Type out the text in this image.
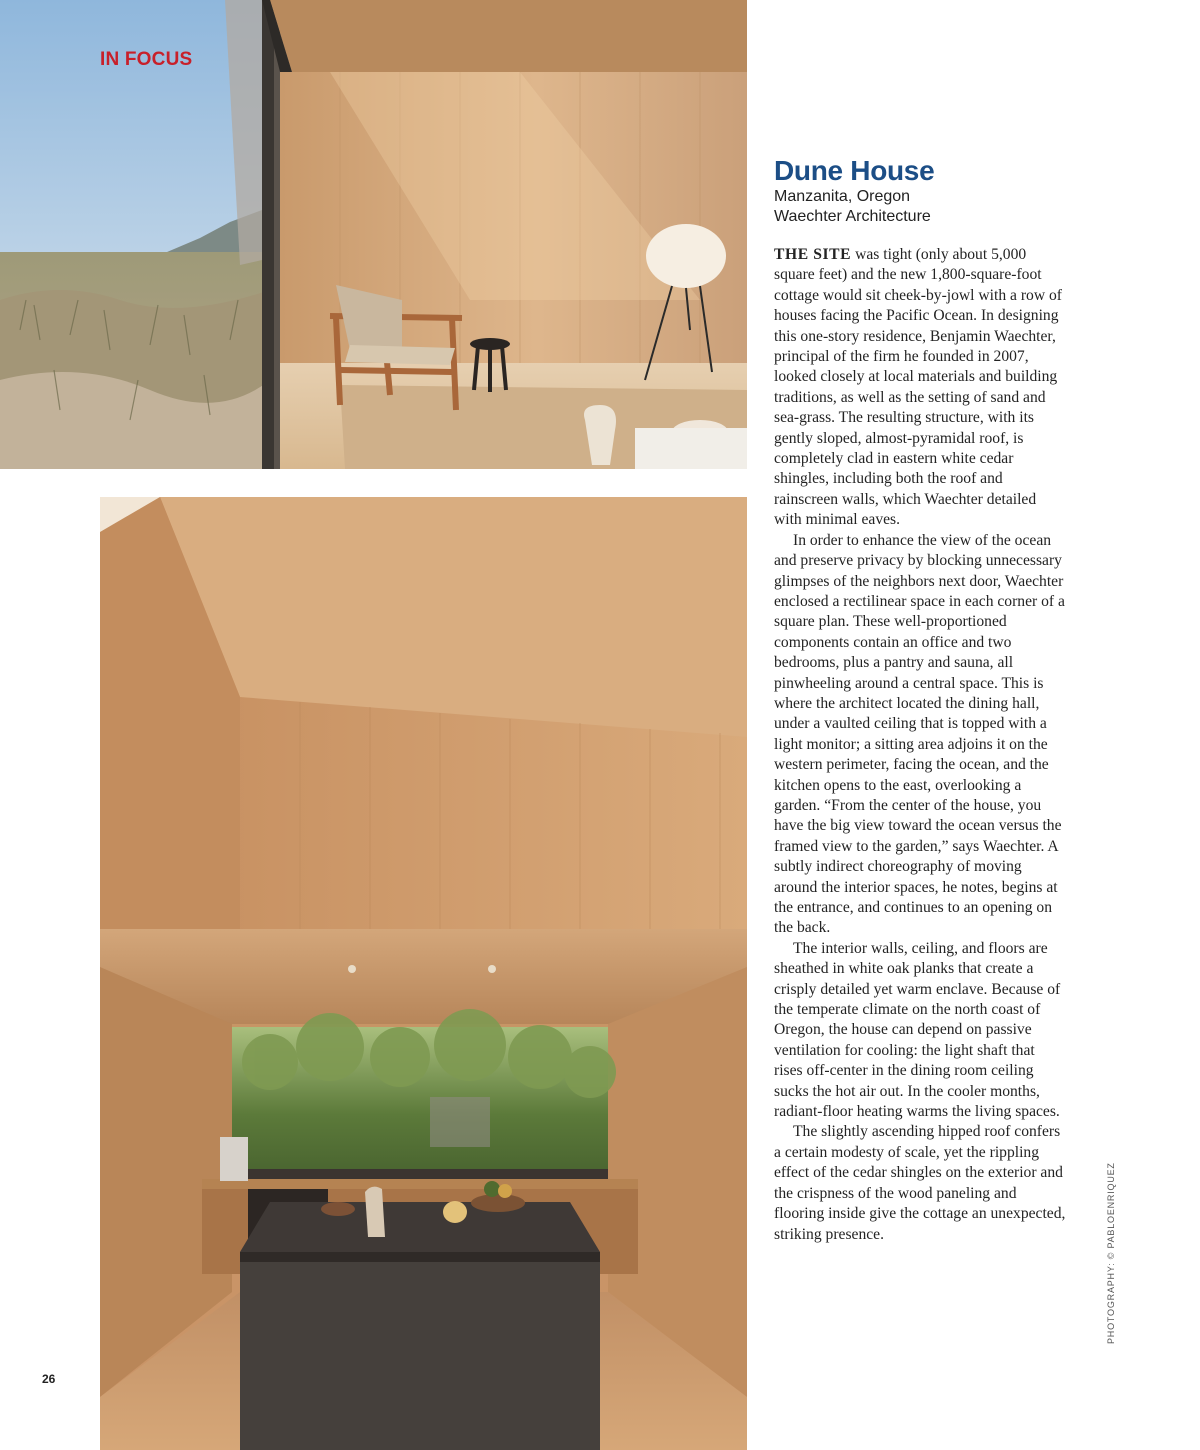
IN FOCUS
Dune House
Manzanita, Oregon
Waechter Architecture

THE SITE was tight (only about 5,000 square feet) and the new 1,800-square-foot cottage would sit cheek-by-jowl with a row of houses facing the Pacific Ocean. In designing this one-story residence, Benjamin Waechter, principal of the firm he founded in 2007, looked closely at local materials and building traditions, as well as the setting of sand and sea-grass. The resulting structure, with its gently sloped, almost-pyramidal roof, is completely clad in eastern white cedar shingles, including both the roof and rainscreen walls, which Waechter detailed with minimal eaves.

In order to enhance the view of the ocean and preserve privacy by blocking unnecessary glimpses of the neighbors next door, Waechter enclosed a rectilinear space in each corner of a square plan. These well-proportioned components contain an office and two bedrooms, plus a pantry and sauna, all pinwheeling around a central space. This is where the architect located the dining hall, under a vaulted ceiling that is topped with a light monitor; a sitting area adjoins it on the western perimeter, facing the ocean, and the kitchen opens to the east, overlooking a garden. “From the center of the house, you have the big view toward the ocean versus the framed view to the garden,” says Waechter. A subtly indirect choreography of moving around the interior spaces, he notes, begins at the entrance, and continues to an opening on the back.

The interior walls, ceiling, and floors are sheathed in white oak planks that create a crisply detailed yet warm enclave. Because of the temperate climate on the north coast of Oregon, the house can depend on passive ventilation for cooling: the light shaft that rises off-center in the dining room ceiling sucks the hot air out. In the cooler months, radiant-floor heating warms the living spaces.

The slightly ascending hipped roof confers a certain modesty of scale, yet the rippling effect of the cedar shingles on the exterior and the crispness of the wood paneling and flooring inside give the cottage an unexpected, striking presence.	PHOTOGRAPHY: © PABLOENRIQUEZ
26
